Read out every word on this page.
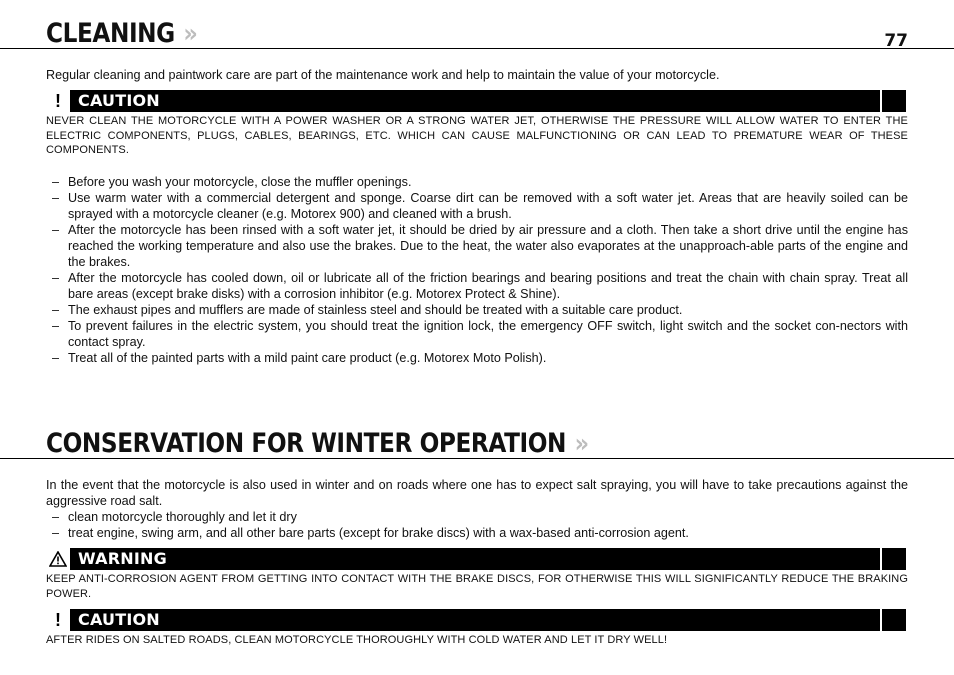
CLEANING »	77

Regular cleaning and paintwork care are part of the maintenance work and help to maintain the value of your motorcycle.

!	CAUTION

NEVER CLEAN THE MOTORCYCLE WITH A POWER WASHER OR A STRONG WATER JET, OTHERWISE THE PRESSURE WILL ALLOW WATER TO ENTER THE ELECTRIC COMPONENTS, PLUGS, CABLES, BEARINGS, ETC. WHICH CAN CAUSE MALFUNCTIONING OR CAN LEAD TO PREMATURE WEAR OF THESE COMPONENTS.

– Before you wash your motorcycle, close the muffler openings.
– Use warm water with a commercial detergent and sponge. Coarse dirt can be removed with a soft water jet. Areas that are heavily soiled can be sprayed with a motorcycle cleaner (e.g. Motorex 900) and cleaned with a brush.
– After the motorcycle has been rinsed with a soft water jet, it should be dried by air pressure and a cloth. Then take a short drive until the engine has reached the working temperature and also use the brakes. Due to the heat, the water also evaporates at the unapproach-able parts of the engine and the brakes.
– After the motorcycle has cooled down, oil or lubricate all of the friction bearings and bearing positions and treat the chain with chain spray. Treat all bare areas (except brake disks) with a corrosion inhibitor (e.g. Motorex Protect & Shine).
– The exhaust pipes and mufflers are made of stainless steel and should be treated with a suitable care product.
– To prevent failures in the electric system, you should treat the ignition lock, the emergency OFF switch, light switch and the socket con-nectors with contact spray.
– Treat all of the painted parts with a mild paint care product (e.g. Motorex Moto Polish).
CONSERVATION FOR WINTER OPERATION »

In the event that the motorcycle is also used in winter and on roads where one has to expect salt spraying, you will have to take precautions against the aggressive road salt.

– clean motorcycle thoroughly and let it dry
– treat engine, swing arm, and all other bare parts (except for brake discs) with a wax-based anti-corrosion agent.
WARNING

KEEP ANTI-CORROSION AGENT FROM GETTING INTO CONTACT WITH THE BRAKE DISCS, FOR OTHERWISE THIS WILL SIGNIFICANTLY REDUCE THE BRAKING POWER.

!	CAUTION

AFTER RIDES ON SALTED ROADS, CLEAN MOTORCYCLE THOROUGHLY WITH COLD WATER AND LET IT DRY WELL!
